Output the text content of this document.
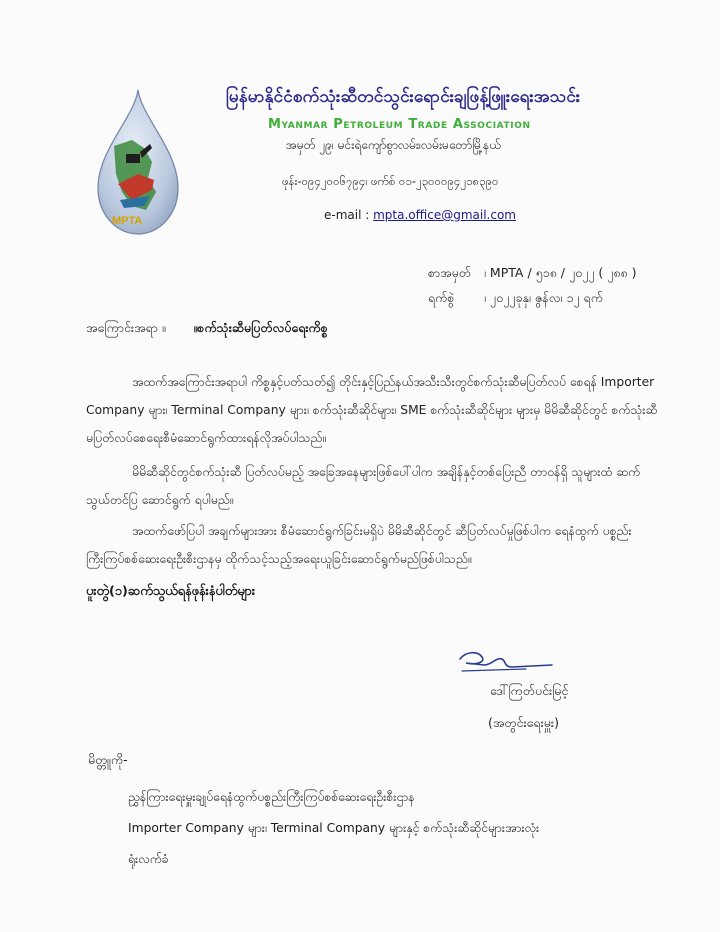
MPTA
မြန်မာနိုင်ငံစက်သုံးဆီတင်သွင်းရောင်းချဖြန့်ဖြူးရေးအသင်း
Myanmar Petroleum Trade Association
အမှတ် ၂၉၊ မင်းရဲကျော်စွာလမ်း၊လမ်းမတော်မြို့နယ်
ဖုန်း-၀၉၄၂၀၀၆၇၉၄၊ ဖက်စ် ၀၁-၂၃၀၀၀၉၄၂၁၈၃၉၀
e-mail : mpta.office@gmail.com
စာအမှတ် ၊ MPTA / ၅၁၈ / ၂၀၂၂ ( ၂၈၈ )
ရက်စွဲ ၊ ၂၀၂၂ခုနှ၊ ဇွန်လ၊ ၁၂ ရက်
အကြောင်းအရာ ။ ။စက်သုံးဆီမပြတ်လပ်ရေးကိစ္စ
အထက်အကြောင်းအရာပါ ကိစ္စနှင့်ပတ်သတ်၍ တိုင်းနှင့်ပြည်နယ်အသီးသီးတွင်စက်သုံးဆီမပြတ်လပ် စေရန် Importer Company များ၊ Terminal Company များ၊ စက်သုံးဆီဆိုင်များ၊ SME စက်သုံးဆီဆိုင်များ များမှ မိမိဆီဆိုင်တွင် စက်သုံးဆီ မပြတ်လပ်စေရေးစီမံဆောင်ရွက်ထားရန်လိုအပ်ပါသည်။
မိမိဆီဆိုင်တွင်စက်သုံးဆီ ပြတ်လပ်မည့် အခြေအနေများဖြစ်ပေါ်ပါက အချိန်နှင့်တစ်ပြေးညီ တာဝန်ရှိ သူများထံ ဆက်သွယ်တင်ပြ ဆောင်ရွက် ရပါမည်။
အထက်ဖော်ပြပါ အချက်များအား စီမံဆောင်ရွက်ခြင်းမရှိပဲ မိမိဆီဆိုင်တွင် ဆီပြတ်လပ်မှုဖြစ်ပါက ရေနံထွက် ပစ္စည်းကြီးကြပ်စစ်ဆေးရေးဦးစီးဌာနမှ ထိုက်သင့်သည့်အရေးယူခြင်းဆောင်ရွက်မည်ဖြစ်ပါသည်။
ပူးတွဲ(၁)ဆက်သွယ်ရန်ဖုန်းနံပါတ်များ
ဒေါ်ကြတ်ပင်းမြင့်
(အတွင်းရေးမှူး)
မိတ္တူကို-
ညွှန်ကြားရေးမှူးချုပ်ရေနံထွက်ပစ္စည်းကြီးကြပ်စစ်ဆေးရေးဦးစီးဌာန
Importer Company များ၊ Terminal Company များနှင့် စက်သုံးဆီဆိုင်များအားလုံး
ရုံးလက်ခံ
